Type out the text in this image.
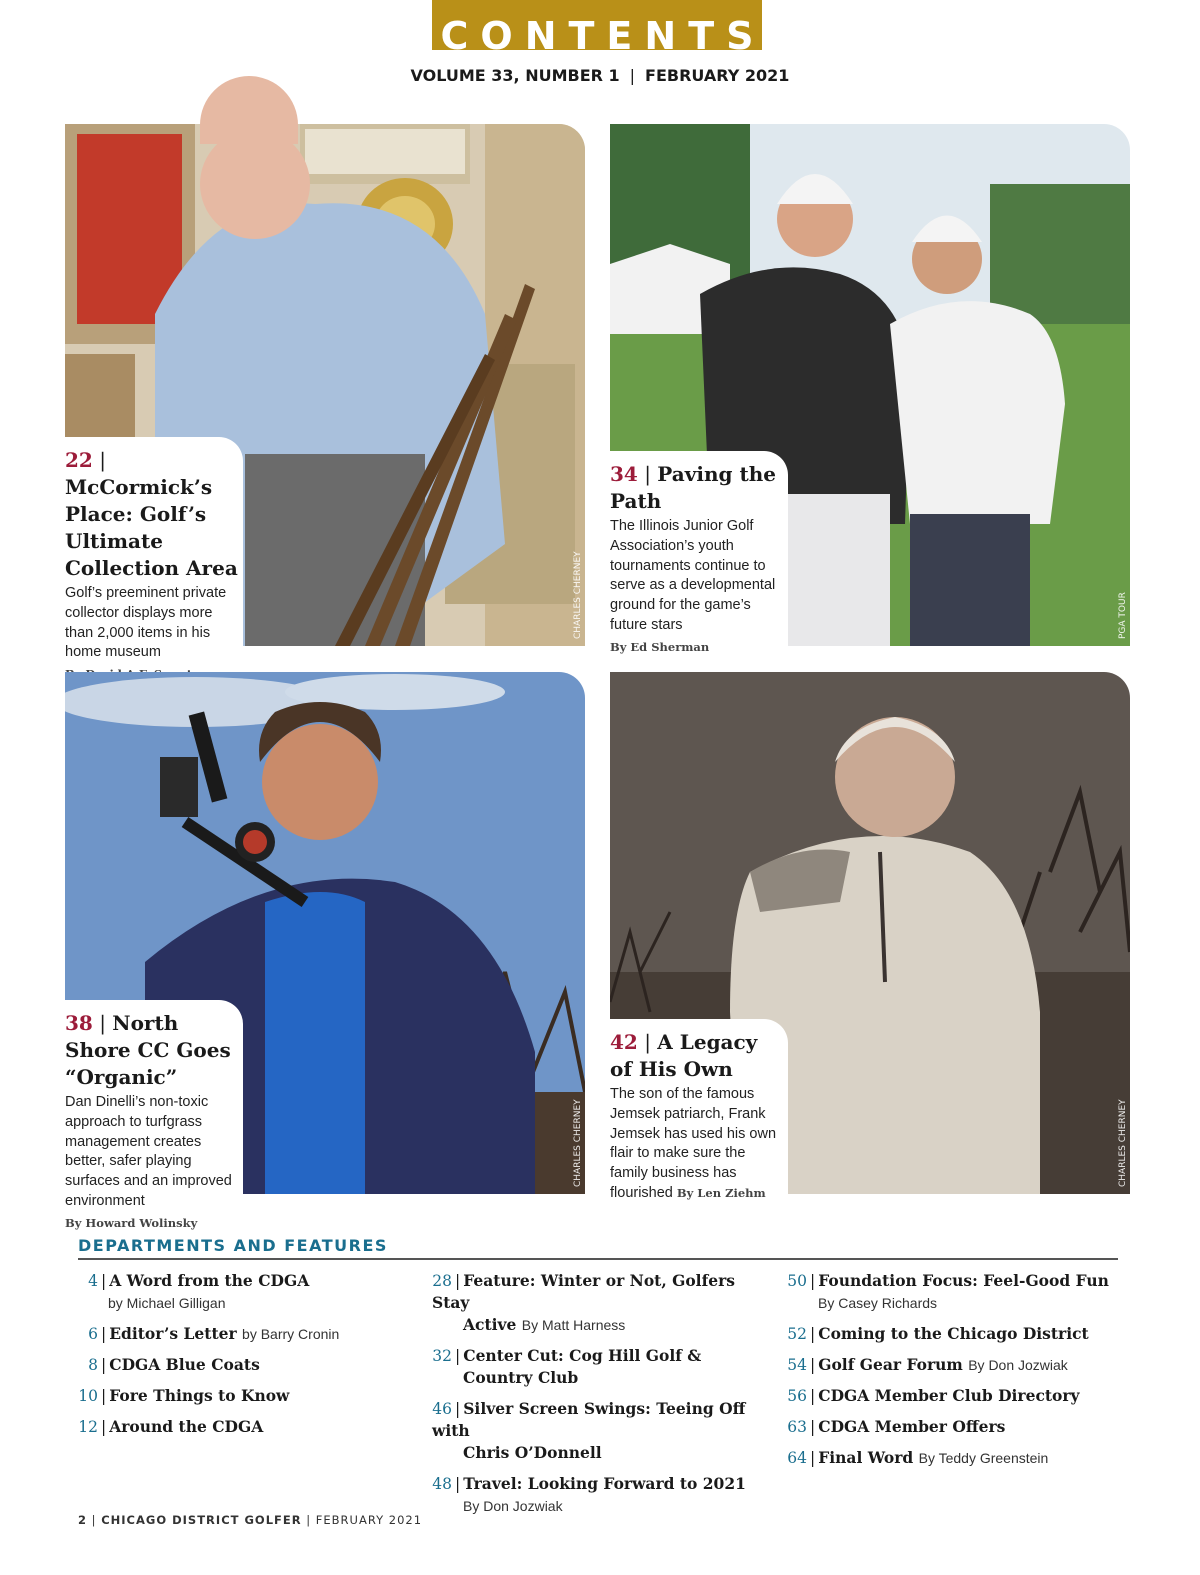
CONTENTS
VOLUME 33, NUMBER 1 | FEBRUARY 2021
CHARLES CHERNEY
22 | McCormick’s Place: Golf’s Ultimate Collection Area
Golf’s preeminent private collector displays more than 2,000 items in his home museum
PGA TOUR
34 | Paving the Path
The Illinois Junior Golf Association’s youth tournaments continue to serve as a developmental ground for the game’s future stars
By Ed Sherman
CHARLES CHERNEY
38 | North Shore CC Goes “Organic”
Dan Dinelli’s non-toxic approach to turfgrass management creates better, safer playing surfaces and an improved environment
By Howard Wolinsky
CHARLES CHERNEY
42 | A Legacy of His Own
The son of the famous Jemsek patriarch, Frank Jemsek has used his own flair to make sure the family business has flourished By Len Ziehm
DEPARTMENTS AND FEATURES
4 | A Word from the CDGA
by Michael Gilligan
6 | Editor’s Letter by Barry Cronin
8 | CDGA Blue Coats
10 | Fore Things to Know
12 | Around the CDGA
28 | Feature: Winter or Not, Golfers Stay
Active By Matt Harness
32 | Center Cut: Cog Hill Golf &
Country Club
46 | Silver Screen Swings: Teeing Off with
Chris O’Donnell
48 | Travel: Looking Forward to 2021
By Don Jozwiak
50 | Foundation Focus: Feel-Good Fun
By Casey Richards
52 | Coming to the Chicago District
54 | Golf Gear Forum By Don Jozwiak
56 | CDGA Member Club Directory
63 | CDGA Member Offers
64 | Final Word By Teddy Greenstein
2 | CHICAGO DISTRICT GOLFER | FEBRUARY 2021
